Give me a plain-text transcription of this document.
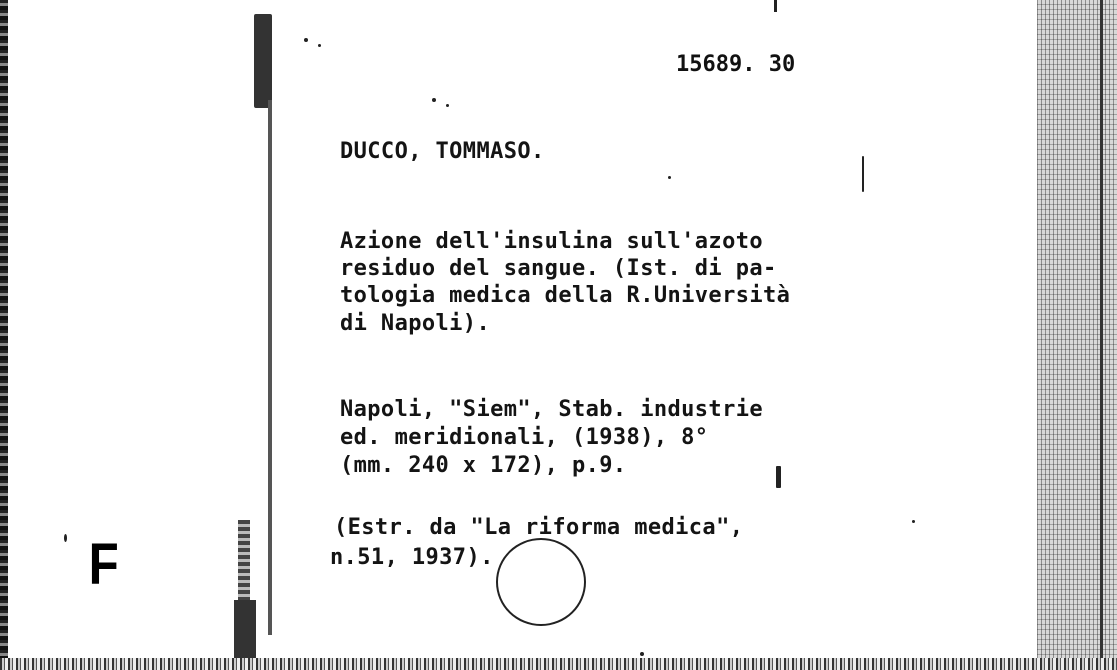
15689. 30

DUCCO, TOMMASO.

Azione dell'insulina sull'azoto

residuo del sangue. (Ist. di pa-

tologia medica della R.Università

di Napoli).

Napoli, "Siem", Stab. industrie

ed. meridionali, (1938), 8°

(mm. 240 x 172), p.9.

(Estr. da "La riforma medica",

n.51, 1937).

F
